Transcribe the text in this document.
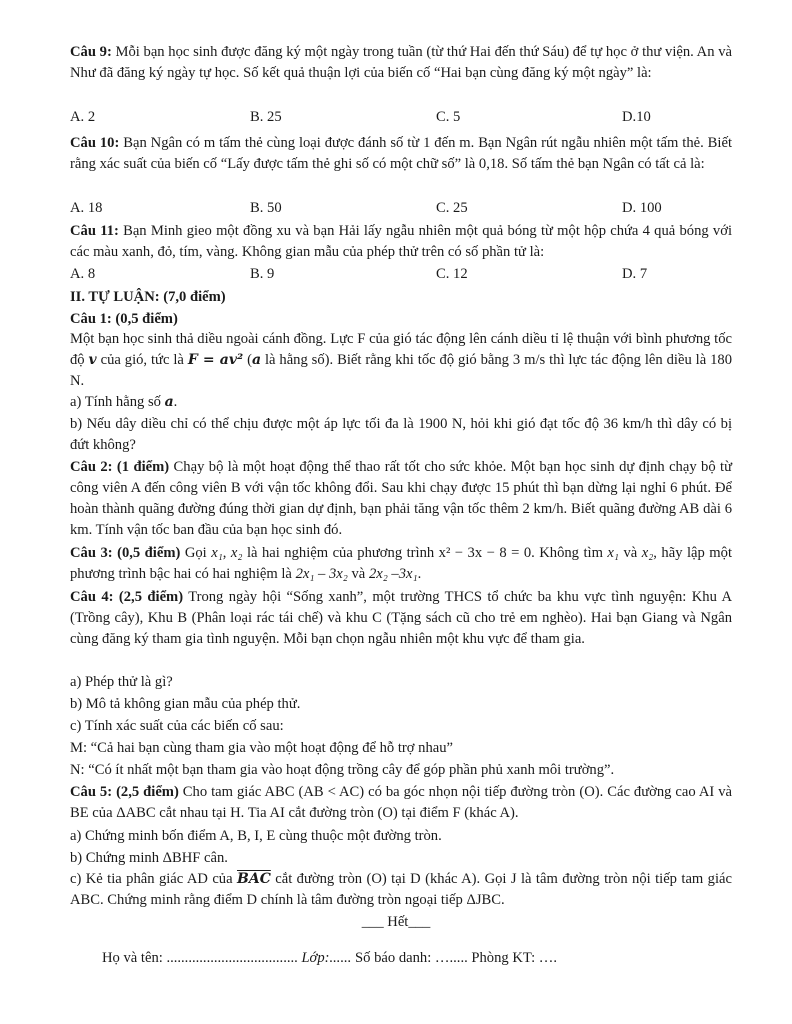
Câu 9: Mỗi bạn học sinh được đăng ký một ngày trong tuần (từ thứ Hai đến thứ Sáu) để tự học ở thư viện. An và Như đã đăng ký ngày tự học. Số kết quả thuận lợi của biến cố “Hai bạn cùng đăng ký một ngày” là:

A. 2	B. 25	C. 5	D.10

Câu 10: Bạn Ngân có m tấm thẻ cùng loại được đánh số từ 1 đến m. Bạn Ngân rút ngẫu nhiên một tấm thẻ. Biết rằng xác suất của biến cố “Lấy được tấm thẻ ghi số có một chữ số” là 0,18. Số tấm thẻ bạn Ngân có tất cả là:

A. 18	B. 50	C. 25	D. 100

Câu 11: Bạn Minh gieo một đồng xu và bạn Hải lấy ngẫu nhiên một quả bóng từ một hộp chứa 4 quả bóng với các màu xanh, đỏ, tím, vàng. Không gian mẫu của phép thử trên có số phần tử là:

A. 8	B. 9	C. 12	D. 7

II. TỰ LUẬN: (7,0 điểm)

Câu 1: (0,5 điểm)

Một bạn học sinh thả diều ngoài cánh đồng. Lực F của gió tác động lên cánh diều tỉ lệ thuận với bình phương tốc độ v của gió, tức là F = av² (a là hằng số). Biết rằng khi tốc độ gió bằng 3 m/s thì lực tác động lên diều là 180 N.

a) Tính hằng số a.

b) Nếu dây diều chỉ có thể chịu được một áp lực tối đa là 1900 N, hỏi khi gió đạt tốc độ 36 km/h thì dây có bị đứt không?

Câu 2: (1 điểm) Chạy bộ là một hoạt động thể thao rất tốt cho sức khỏe. Một bạn học sinh dự định chạy bộ từ công viên A đến công viên B với vận tốc không đổi. Sau khi chạy được 15 phút thì bạn dừng lại nghỉ 6 phút. Để hoàn thành quãng đường đúng thời gian dự định, bạn phải tăng vận tốc thêm 2 km/h. Biết quãng đường AB dài 6 km. Tính vận tốc ban đầu của bạn học sinh đó.

Câu 3: (0,5 điểm) Gọi x₁, x₂ là hai nghiệm của phương trình x² − 3x − 8 = 0. Không tìm x₁ và x₂, hãy lập một phương trình bậc hai có hai nghiệm là 2x₁ – 3x₂ và 2x₂ –3x₁.

Câu 4: (2,5 điểm) Trong ngày hội “Sống xanh”, một trường THCS tổ chức ba khu vực tình nguyện: Khu A (Trồng cây), Khu B (Phân loại rác tái chế) và khu C (Tặng sách cũ cho trẻ em nghèo). Hai bạn Giang và Ngân cùng đăng ký tham gia tình nguyện. Mỗi bạn chọn ngẫu nhiên một khu vực để tham gia.

a) Phép thử là gì?

b) Mô tả không gian mẫu của phép thử.

c) Tính xác suất của các biến cố sau:

M: “Cả hai bạn cùng tham gia vào một hoạt động để hỗ trợ nhau”

N: “Có ít nhất một bạn tham gia vào hoạt động trồng cây để góp phần phủ xanh môi trường”.

Câu 5: (2,5 điểm) Cho tam giác ABC (AB < AC) có ba góc nhọn nội tiếp đường tròn (O). Các đường cao AI và BE của ΔABC cắt nhau tại H. Tia AI cắt đường tròn (O) tại điểm F (khác A).

a) Chứng minh bốn điểm A, B, I, E cùng thuộc một đường tròn.

b) Chứng minh ΔBHF cân.

c) Kẻ tia phân giác AD của $\overline{BAC}$ cắt đường tròn (O) tại D (khác A). Gọi J là tâm đường tròn nội tiếp tam giác ABC. Chứng minh rằng điểm D chính là tâm đường tròn ngoại tiếp ΔJBC.

___ Hết___
Họ và tên: .................................... Lớp:...... Số báo danh: …..... Phòng KT: ….
